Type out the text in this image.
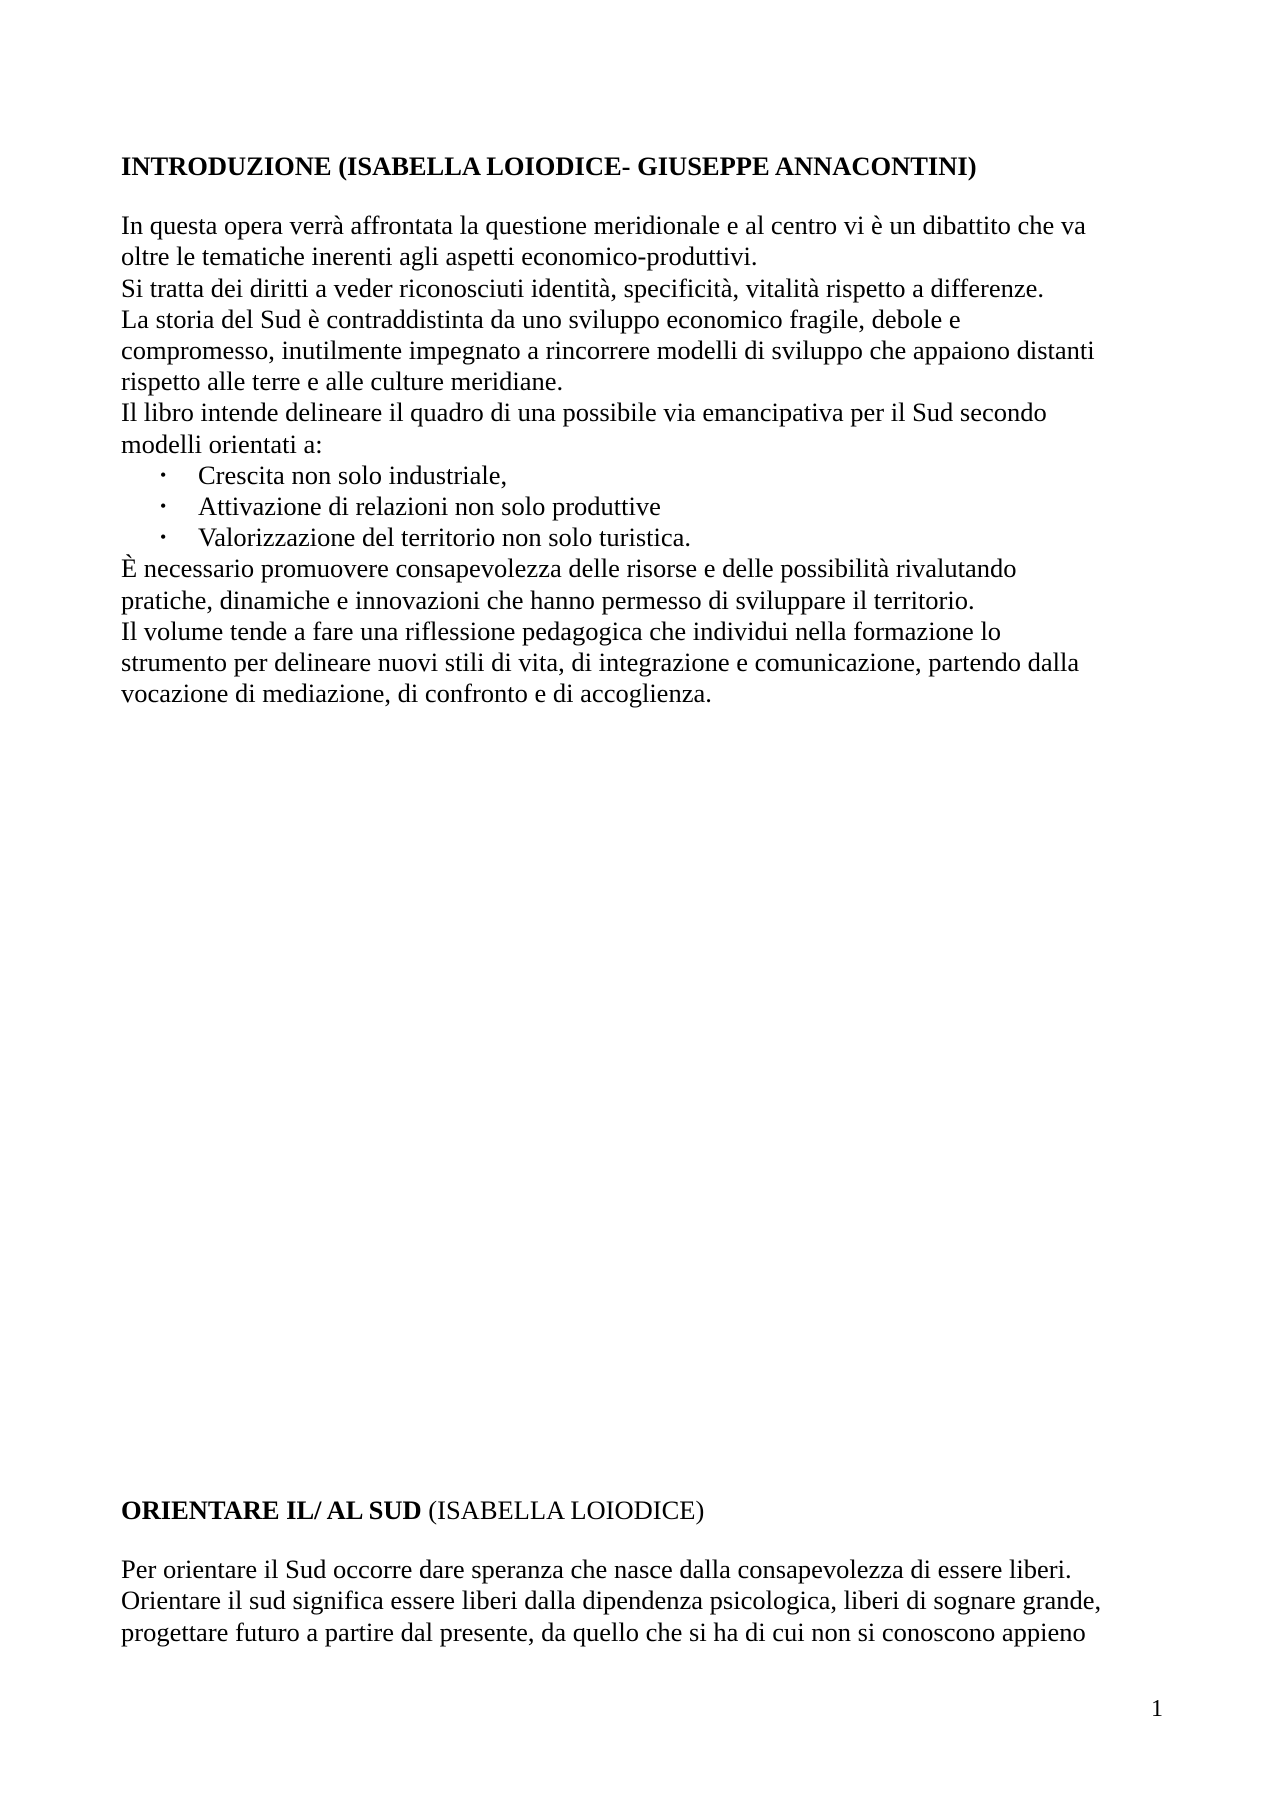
INTRODUZIONE (ISABELLA LOIODICE- GIUSEPPE ANNACONTINI)
In questa opera verrà affrontata la questione meridionale e al centro vi è un dibattito che va
oltre le tematiche inerenti agli aspetti economico-produttivi.
Si tratta dei diritti a veder riconosciuti identità, specificità, vitalità rispetto a differenze.
La storia del Sud è contraddistinta da uno sviluppo economico fragile, debole e
compromesso, inutilmente impegnato a rincorrere modelli di sviluppo che appaiono distanti
rispetto alle terre e alle culture meridiane.
Il libro intende delineare il quadro di una possibile via emancipativa per il Sud secondo
modelli orientati a:
• Crescita non solo industriale,
• Attivazione di relazioni non solo produttive
• Valorizzazione del territorio non solo turistica.
È necessario promuovere consapevolezza delle risorse e delle possibilità rivalutando
pratiche, dinamiche e innovazioni che hanno permesso di sviluppare il territorio.
Il volume tende a fare una riflessione pedagogica che individui nella formazione lo
strumento per delineare nuovi stili di vita, di integrazione e comunicazione, partendo dalla
vocazione di mediazione, di confronto e di accoglienza.
ORIENTARE IL/ AL SUD (ISABELLA LOIODICE)
Per orientare il Sud occorre dare speranza che nasce dalla consapevolezza di essere liberi.
Orientare il sud significa essere liberi dalla dipendenza psicologica, liberi di sognare grande,
progettare futuro a partire dal presente, da quello che si ha di cui non si conoscono appieno
1
